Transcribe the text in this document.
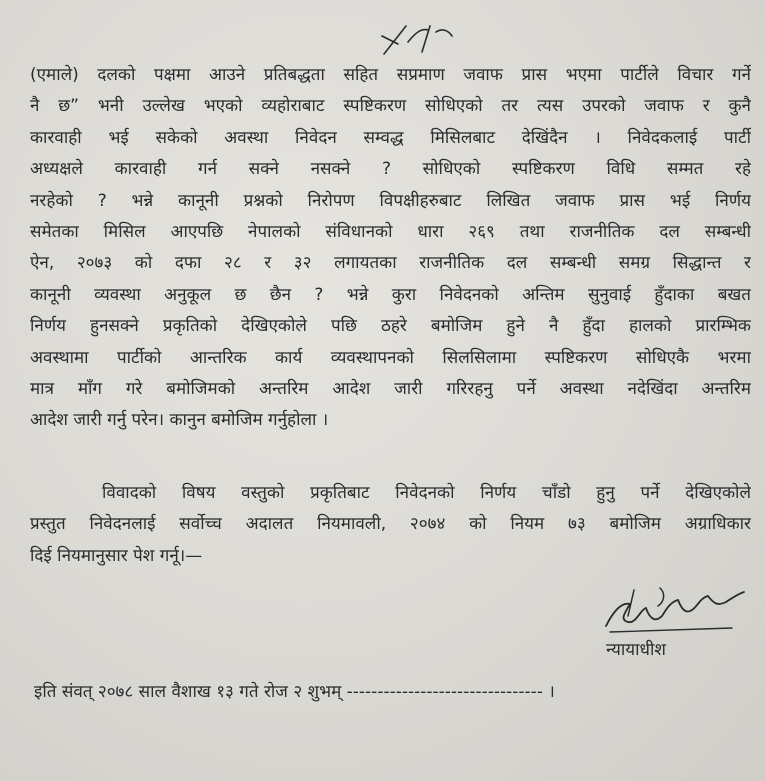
(एमाले) दलको पक्षमा आउने प्रतिबद्धता सहित सप्रमाण जवाफ प्रास भएमा पार्टीले विचार गर्ने
नै छ” भनी उल्लेख भएको व्यहोराबाट स्पष्टिकरण सोधिएको तर त्यस उपरको जवाफ र कुनै
कारवाही भई सकेको अवस्था निवेदन सम्वद्ध मिसिलबाट देखिंदैन । निवेदकलाई पार्टी
अध्यक्षले कारवाही गर्न सक्ने नसक्ने ? सोधिएको स्पष्टिकरण विधि सम्मत रहे
नरहेको ? भन्ने कानूनी प्रश्नको निरोपण विपक्षीहरुबाट लिखित जवाफ प्रास भई निर्णय
समेतका मिसिल आएपछि नेपालको संविधानको धारा २६९ तथा राजनीतिक दल सम्बन्धी
ऐन, २०७३ को दफा २८ र ३२ लगायतका राजनीतिक दल सम्बन्धी समग्र सिद्धान्त र
कानूनी व्यवस्था अनुकूल छ छैन ? भन्ने कुरा निवेदनको अन्तिम सुनुवाई हुँदाका बखत
निर्णय हुनसक्ने प्रकृतिको देखिएकोले पछि ठहरे बमोजिम हुने नै हुँदा हालको प्रारम्भिक
अवस्थामा पार्टीको आन्तरिक कार्य व्यवस्थापनको सिलसिलामा स्पष्टिकरण सोधिएकै भरमा
मात्र माँग गरे बमोजिमको अन्तरिम आदेश जारी गरिरहनु पर्ने अवस्था नदेखिंदा अन्तरिम
आदेश जारी गर्नु परेन। कानुन बमोजिम गर्नुहोला ।
विवादको विषय वस्तुको प्रकृतिबाट निवेदनको निर्णय चाँडो हुनु पर्ने देखिएकोले
प्रस्तुत निवेदनलाई सर्वोच्च अदालत नियमावली, २०७४ को नियम ७३ बमोजिम अग्राधिकार
दिई नियमानुसार पेश गर्नू।—
न्यायाधीश
इति संवत् २०७८ साल वैशाख १३ गते रोज २ शुभम् -------------------------------- ।
